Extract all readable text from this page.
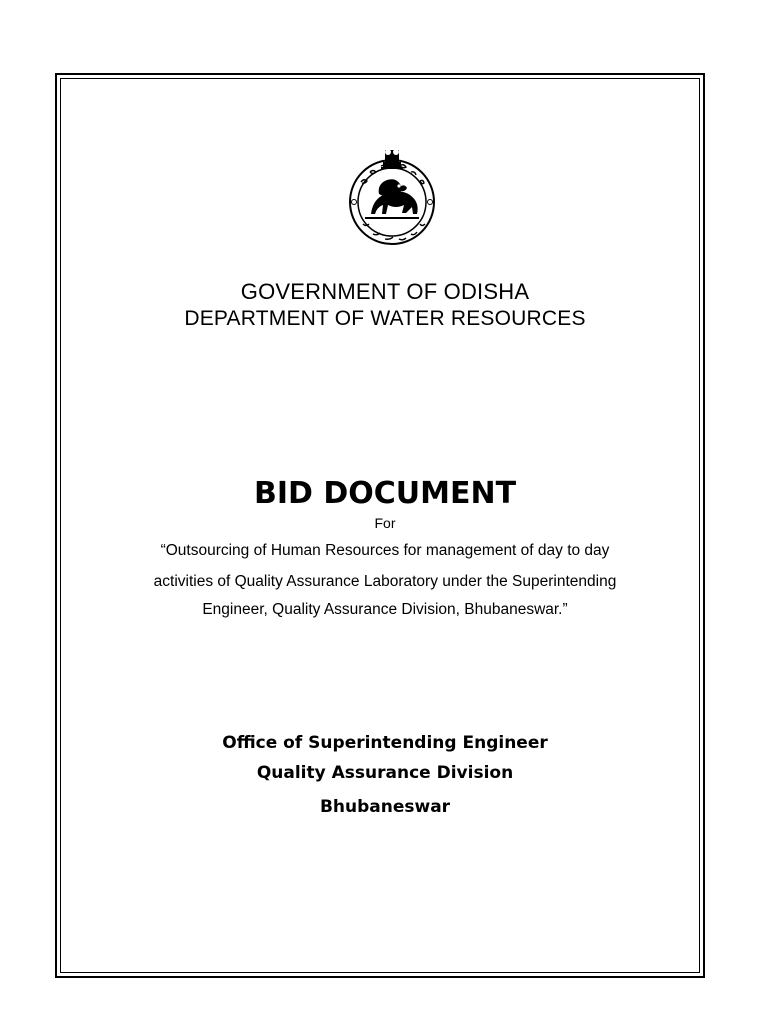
GOVERNMENT OF ODISHA
DEPARTMENT OF WATER RESOURCES
BID DOCUMENT
For
“Outsourcing of Human Resources for management of day to day
activities of Quality Assurance Laboratory under the Superintending
Engineer, Quality Assurance Division, Bhubaneswar.”
Office of Superintending Engineer
Quality Assurance Division
Bhubaneswar
